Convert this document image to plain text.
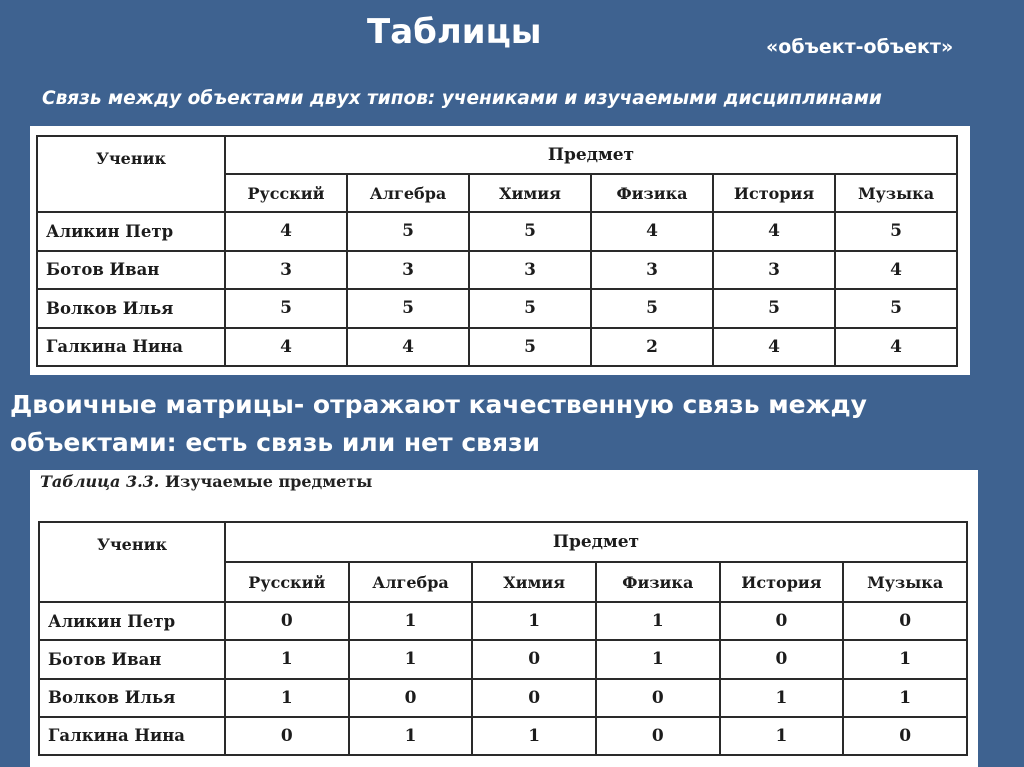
Таблицы	«объект-объект»
Связь между объектами двух типов: учениками и изучаемыми дисциплинами
Ученик	Предмет					
	Русский	Алгебра	Химия	Физика	История	Музыка
Аликин Петр	4	5	5	4	4	5
Ботов Иван	3	3	3	3	3	4
Волков Илья	5	5	5	5	5	5
Галкина Нина	4	4	5	2	4	4
Двоичные матрицы- отражают качественную связь между
объектами: есть связь или нет связи
Таблица 3.3. Изучаемые предметы
Ученик	Предмет					
	Русский	Алгебра	Химия	Физика	История	Музыка
Аликин Петр	0	1	1	1	0	0
Ботов Иван	1	1	0	1	0	1
Волков Илья	1	0	0	0	1	1
Галкина Нина	0	1	1	0	1	0
